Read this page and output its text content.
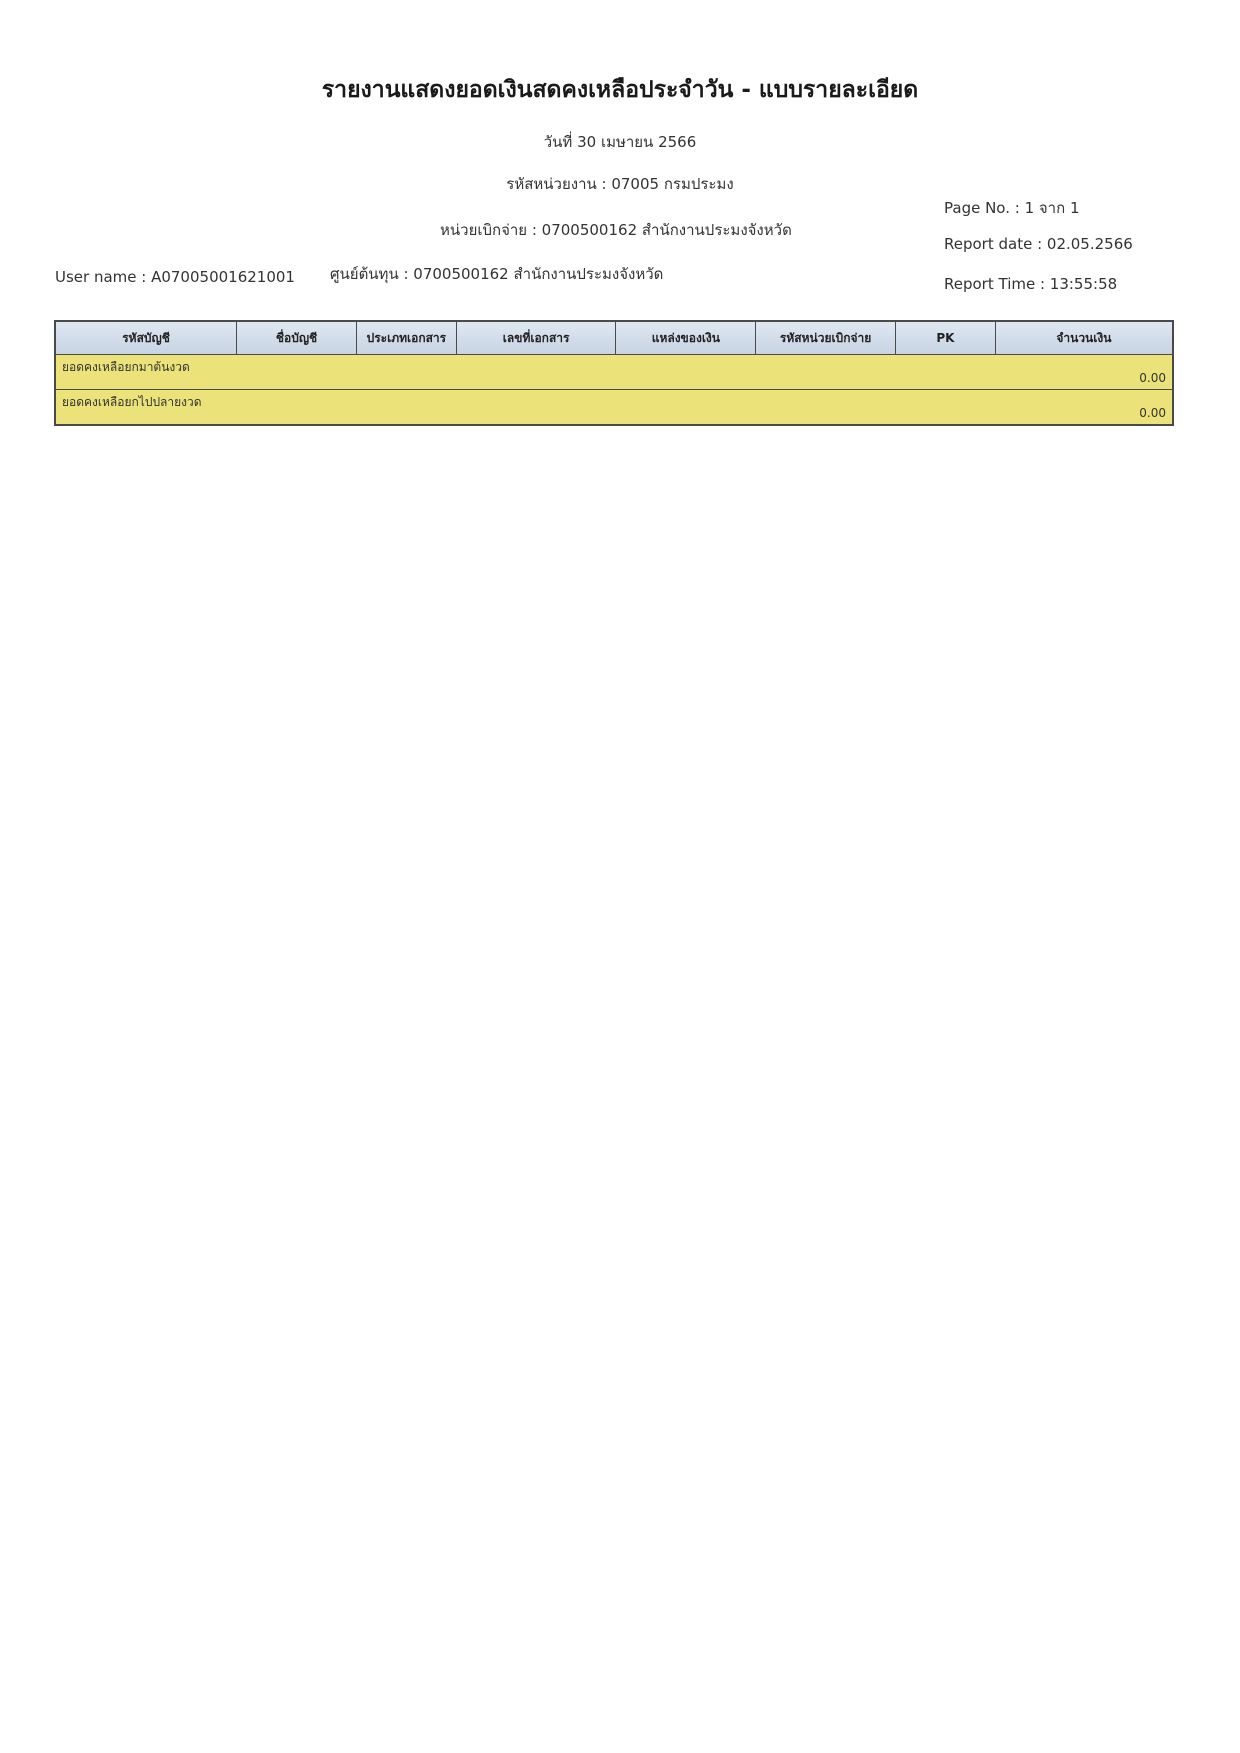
รายงานแสดงยอดเงินสดคงเหลือประจำวัน - แบบรายละเอียด
วันที่ 30 เมษายน 2566
รหัสหน่วยงาน : 07005 กรมประมง
หน่วยเบิกจ่าย : 0700500162 สำนักงานประมงจังหวัด
ศูนย์ต้นทุน : 0700500162 สำนักงานประมงจังหวัด
User name : A07005001621001
Page No. : 1 จาก 1
Report date : 02.05.2566
Report Time : 13:55:58
รหัสบัญชี	ชื่อบัญชี	ประเภทเอกสาร	เลขที่เอกสาร	แหล่งของเงิน	รหัสหน่วยเบิกจ่าย	PK	จำนวนเงิน

ยอดคงเหลือยกมาต้นงวด
0.00

ยอดคงเหลือยกไปปลายงวด
0.00
